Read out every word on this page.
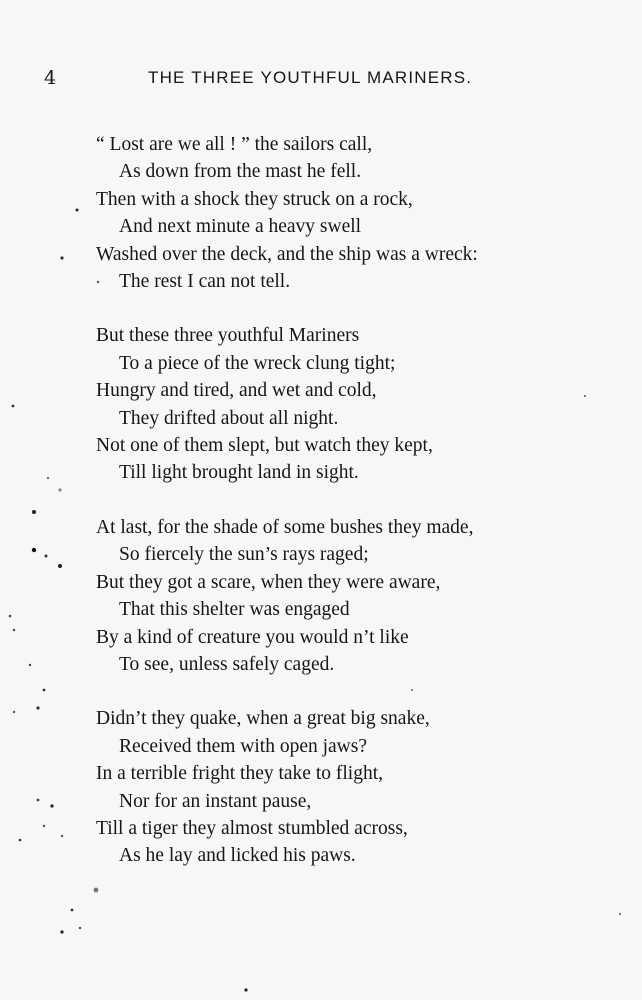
4	THE THREE YOUTHFUL MARINERS.
“ Lost are we all ! ” the sailors call,
As down from the mast he fell.
Then with a shock they struck on a rock,
And next minute a heavy swell
Washed over the deck, and the ship was a wreck:
The rest I can not tell.
But these three youthful Mariners
To a piece of the wreck clung tight;
Hungry and tired, and wet and cold,
They drifted about all night.
Not one of them slept, but watch they kept,
Till light brought land in sight.
At last, for the shade of some bushes they made,
So fiercely the sun’s rays raged;
But they got a scare, when they were aware,
That this shelter was engaged
By a kind of creature you would n’t like
To see, unless safely caged.
Didn’t they quake, when a great big snake,
Received them with open jaws?
In a terrible fright they take to flight,
Nor for an instant pause,
Till a tiger they almost stumbled across,
As he lay and licked his paws.
